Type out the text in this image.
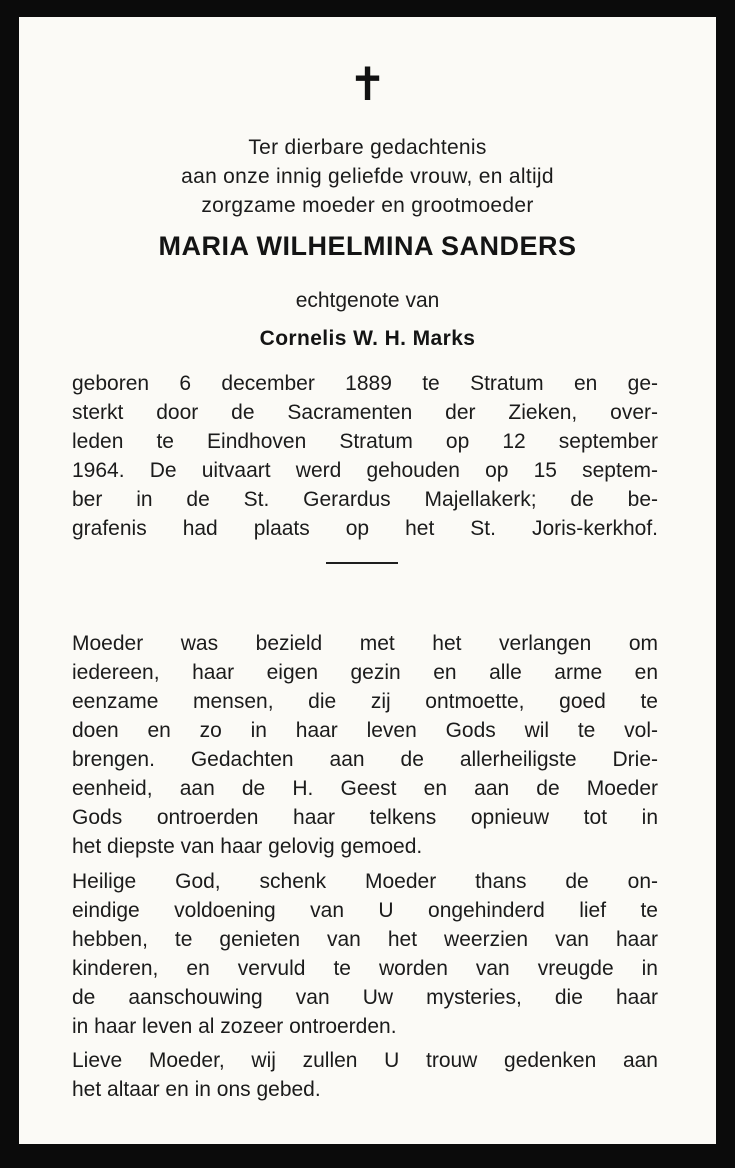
✝
Ter dierbare gedachtenis
aan onze innig geliefde vrouw, en altijd
zorgzame moeder en grootmoeder
MARIA WILHELMINA SANDERS
echtgenote van
Cornelis W. H. Marks
geboren 6 december 1889 te Stratum en ge-
sterkt door de Sacramenten der Zieken, over-
leden te Eindhoven Stratum op 12 september
1964. De uitvaart werd gehouden op 15 septem-
ber in de St. Gerardus Majellakerk; de be-
grafenis had plaats op het St. Joris-kerkhof.
Moeder was bezield met het verlangen om
iedereen, haar eigen gezin en alle arme en
eenzame mensen, die zij ontmoette, goed te
doen en zo in haar leven Gods wil te vol-
brengen. Gedachten aan de allerheiligste Drie-
eenheid, aan de H. Geest en aan de Moeder
Gods ontroerden haar telkens opnieuw tot in
het diepste van haar gelovig gemoed.
Heilige God, schenk Moeder thans de on-
eindige voldoening van U ongehinderd lief te
hebben, te genieten van het weerzien van haar
kinderen, en vervuld te worden van vreugde in
de aanschouwing van Uw mysteries, die haar
in haar leven al zozeer ontroerden.
Lieve Moeder, wij zullen U trouw gedenken aan
het altaar en in ons gebed.
